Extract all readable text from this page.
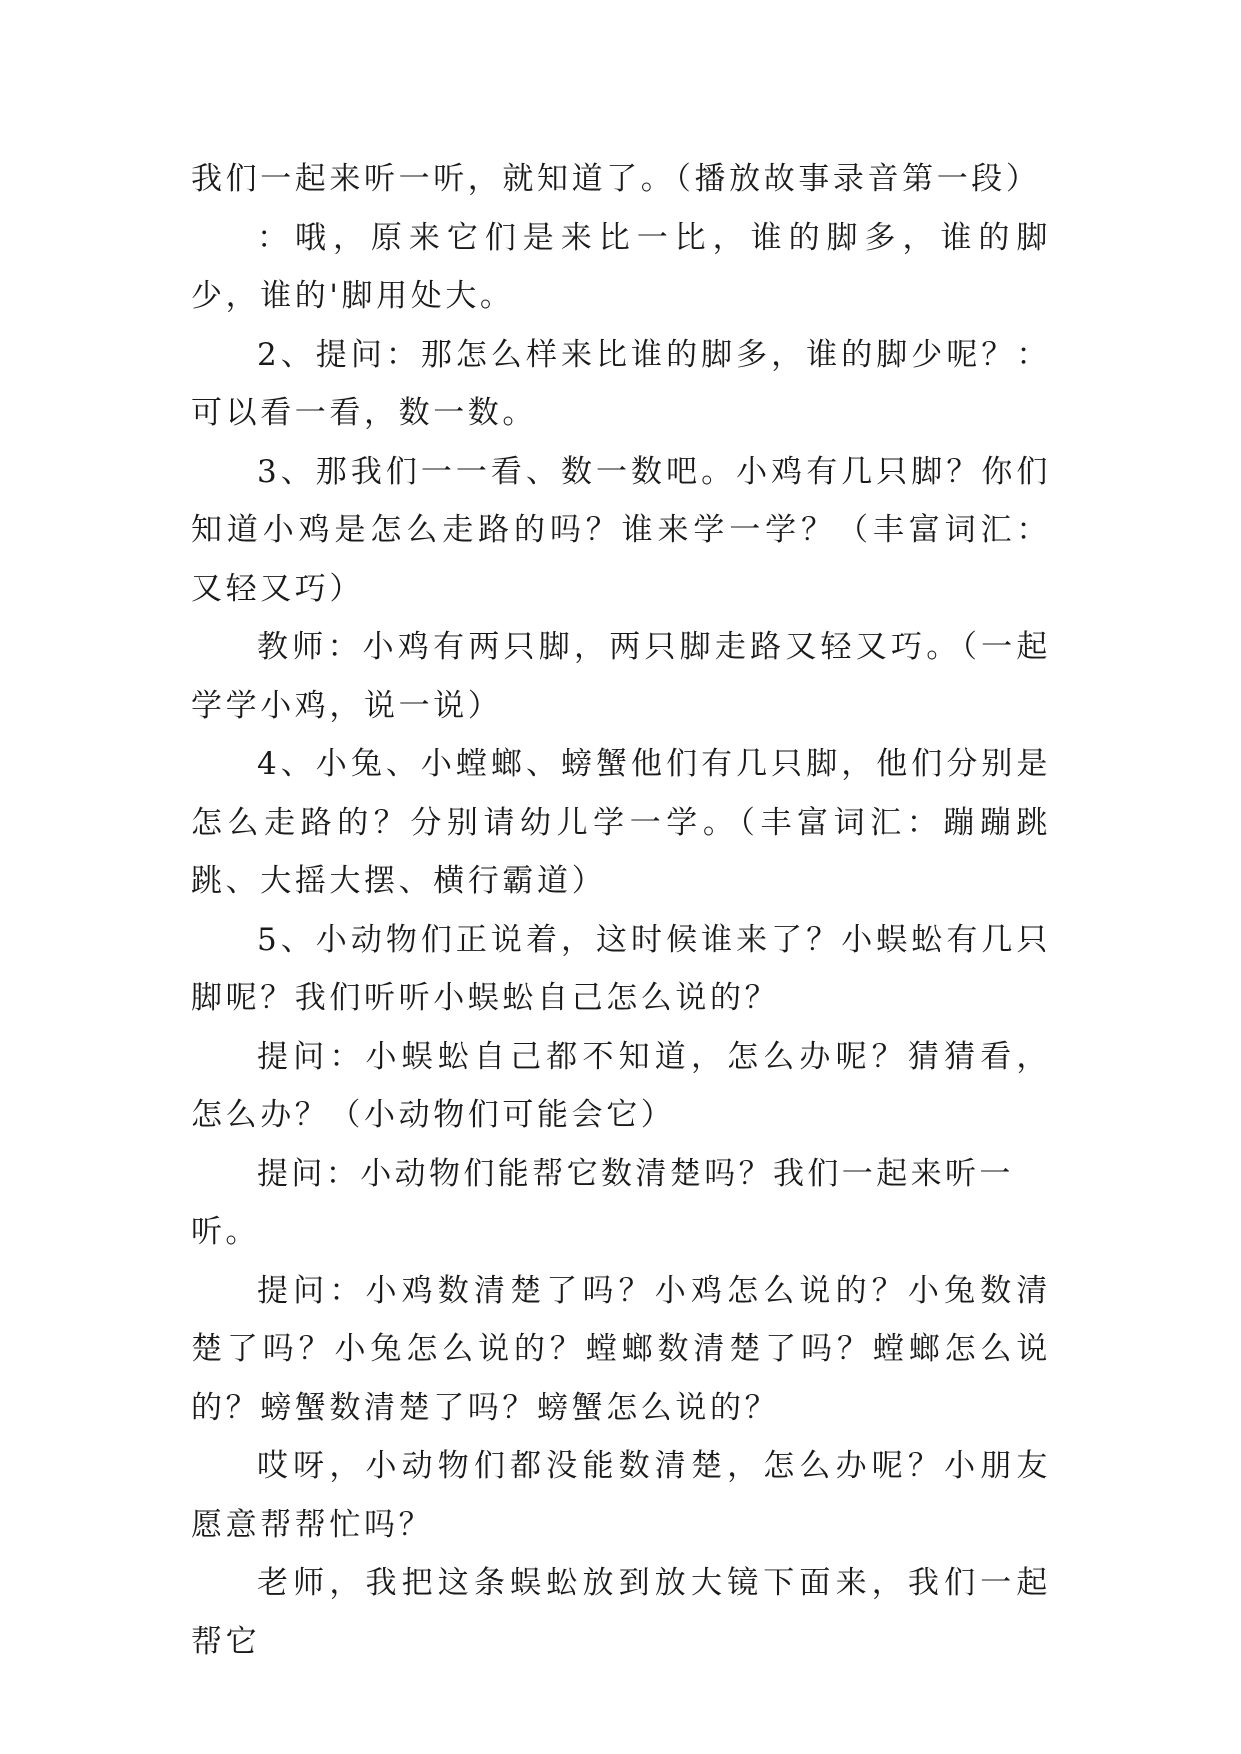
我们一起来听一听，就知道了。（播放故事录音第一段）

：哦，原来它们是来比一比，谁的脚多，谁的脚少，谁的'脚用处大。

2、提问：那怎么样来比谁的脚多，谁的脚少呢？：可以看一看，数一数。

3、那我们一一看、数一数吧。小鸡有几只脚？你们知道小鸡是怎么走路的吗？谁来学一学？（丰富词汇：又轻又巧）

教师：小鸡有两只脚，两只脚走路又轻又巧。（一起学学小鸡，说一说）

4、小兔、小螳螂、螃蟹他们有几只脚，他们分别是怎么走路的？分别请幼儿学一学。（丰富词汇：蹦蹦跳跳、大摇大摆、横行霸道）

5、小动物们正说着，这时候谁来了？小蜈蚣有几只脚呢？我们听听小蜈蚣自己怎么说的？

提问：小蜈蚣自己都不知道，怎么办呢？猜猜看，怎么办？（小动物们可能会它）

提问：小动物们能帮它数清楚吗？我们一起来听一听。

提问：小鸡数清楚了吗？小鸡怎么说的？小兔数清楚了吗？小兔怎么说的？螳螂数清楚了吗？螳螂怎么说的？螃蟹数清楚了吗？螃蟹怎么说的？

哎呀，小动物们都没能数清楚，怎么办呢？小朋友愿意帮帮忙吗？

老师，我把这条蜈蚣放到放大镜下面来，我们一起帮它
